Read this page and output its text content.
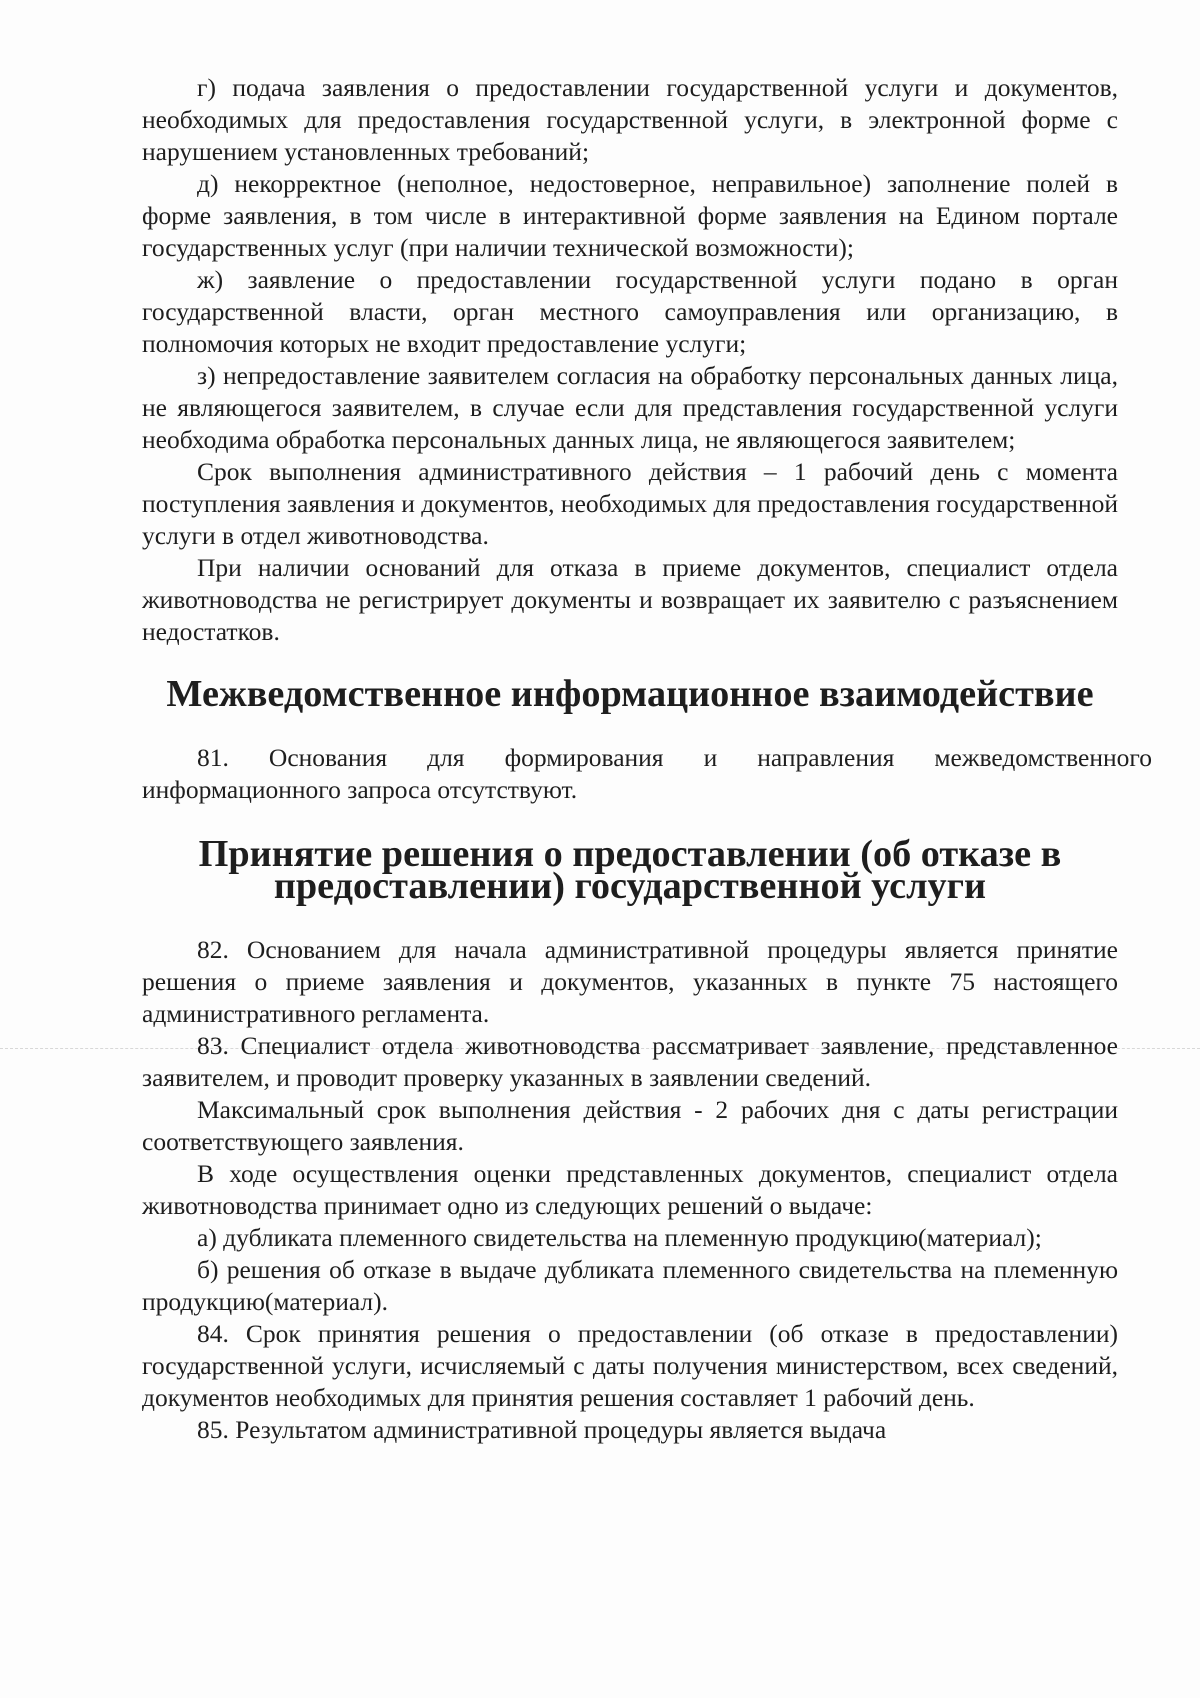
г) подача заявления о предоставлении государственной услуги и документов, необходимых для предоставления государственной услуги, в электронной форме с нарушением установленных требований;

д) некорректное (неполное, недостоверное, неправильное) заполнение полей в форме заявления, в том числе в интерактивной форме заявления на Едином портале государственных услуг (при наличии технической возможности);

ж) заявление о предоставлении государственной услуги подано в орган государственной власти, орган местного самоуправления или организацию, в полномочия которых не входит предоставление услуги;

з) непредоставление заявителем согласия на обработку персональных данных лица, не являющегося заявителем, в случае если для представления государственной услуги необходима обработка персональных данных лица, не являющегося заявителем;

Срок выполнения административного действия – 1 рабочий день с момента поступления заявления и документов, необходимых для предоставления государственной услуги в отдел животноводства.

При наличии оснований для отказа в приеме документов, специалист отдела животноводства не регистрирует документы и возвращает их заявителю с разъяснением недостатков.

Межведомственное информационное взаимодействие

81. Основания для формирования и направления межведомственного информационного запроса отсутствуют.

Принятие решения о предоставлении (об отказе в предоставлении) государственной услуги

82. Основанием для начала административной процедуры является принятие решения о приеме заявления и документов, указанных в пункте 75 настоящего административного регламента.

83. Специалист отдела животноводства рассматривает заявление, представленное заявителем, и проводит проверку указанных в заявлении сведений.

Максимальный срок выполнения действия - 2 рабочих дня с даты регистрации соответствующего заявления.

В ходе осуществления оценки представленных документов, специалист отдела животноводства принимает одно из следующих решений о выдаче:

а) дубликата племенного свидетельства на племенную продукцию(материал);

б) решения об отказе в выдаче дубликата племенного свидетельства на племенную продукцию(материал).

84. Срок принятия решения о предоставлении (об отказе в предоставлении) государственной услуги, исчисляемый с даты получения министерством, всех сведений, документов необходимых для принятия решения составляет 1 рабочий день.

85. Результатом административной процедуры является выдача
